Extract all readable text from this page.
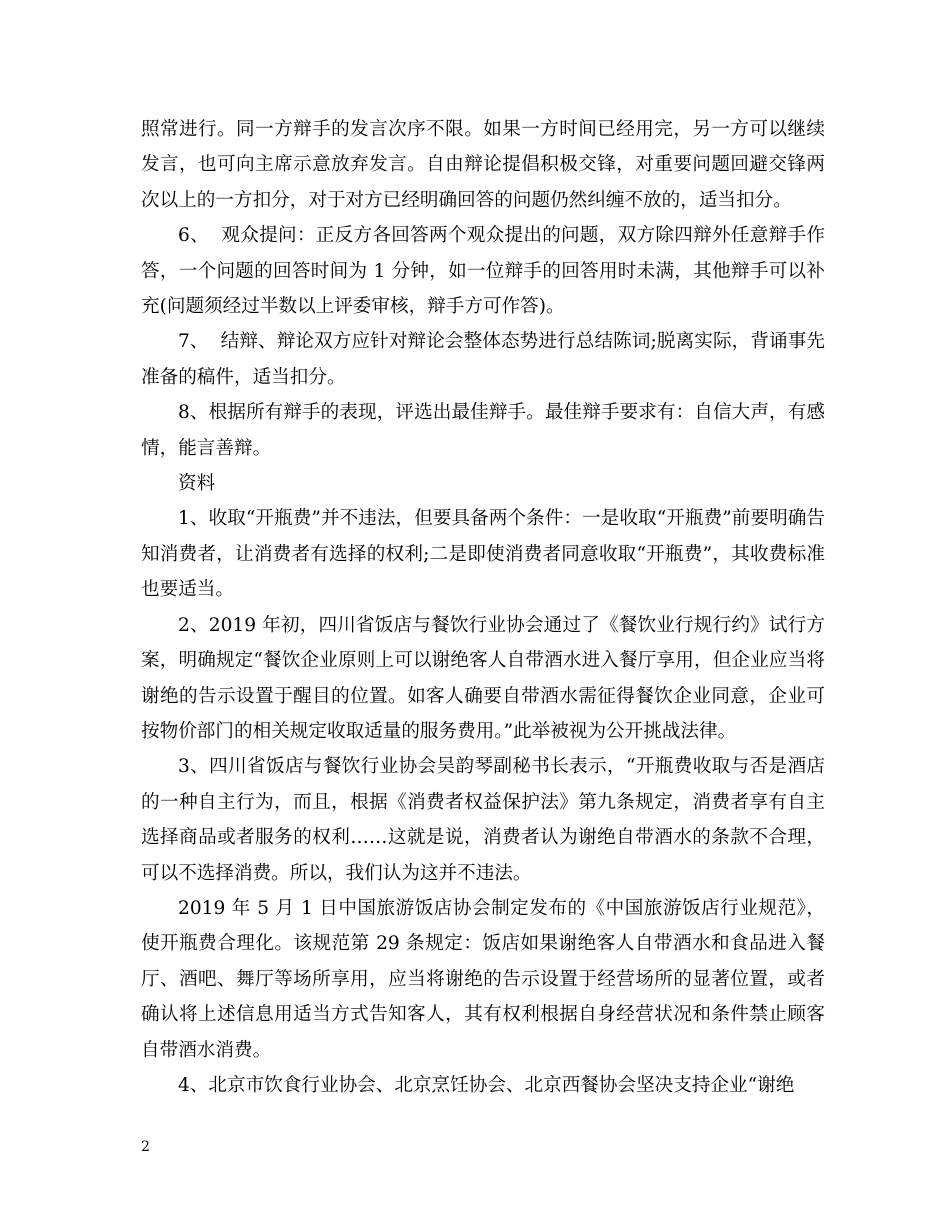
照常进行。同一方辩手的发言次序不限。如果一方时间已经用完，另一方可以继续发言，也可向主席示意放弃发言。自由辩论提倡积极交锋，对重要问题回避交锋两次以上的一方扣分，对于对方已经明确回答的问题仍然纠缠不放的，适当扣分。

6、  观众提问：正反方各回答两个观众提出的问题，双方除四辩外任意辩手作答，一个问题的回答时间为 1 分钟，如一位辩手的回答用时未满，其他辩手可以补充(问题须经过半数以上评委审核，辩手方可作答)。

7、  结辩、辩论双方应针对辩论会整体态势进行总结陈词;脱离实际，背诵事先准备的稿件，适当扣分。

8、根据所有辩手的表现，评选出最佳辩手。最佳辩手要求有：自信大声，有感情，能言善辩。

资料

1、收取“开瓶费”并不违法，但要具备两个条件：一是收取“开瓶费”前要明确告知消费者，让消费者有选择的权利;二是即使消费者同意收取“开瓶费”，其收费标准也要适当。

2、2019 年初，四川省饭店与餐饮行业协会通过了《餐饮业行规行约》试行方案，明确规定“餐饮企业原则上可以谢绝客人自带酒水进入餐厅享用，但企业应当将谢绝的告示设置于醒目的位置。如客人确要自带酒水需征得餐饮企业同意，企业可按物价部门的相关规定收取适量的服务费用。”此举被视为公开挑战法律。

3、四川省饭店与餐饮行业协会吴韵琴副秘书长表示，“开瓶费收取与否是酒店的一种自主行为，而且，根据《消费者权益保护法》第九条规定，消费者享有自主选择商品或者服务的权利……这就是说，消费者认为谢绝自带酒水的条款不合理，可以不选择消费。所以，我们认为这并不违法。

2019 年 5 月 1 日中国旅游饭店协会制定发布的《中国旅游饭店行业规范》，使开瓶费合理化。该规范第 29 条规定：饭店如果谢绝客人自带酒水和食品进入餐厅、酒吧、舞厅等场所享用，应当将谢绝的告示设置于经营场所的显著位置，或者确认将上述信息用适当方式告知客人，其有权利根据自身经营状况和条件禁止顾客自带酒水消费。

4、北京市饮食行业协会、北京烹饪协会、北京西餐协会坚决支持企业“谢绝

2
